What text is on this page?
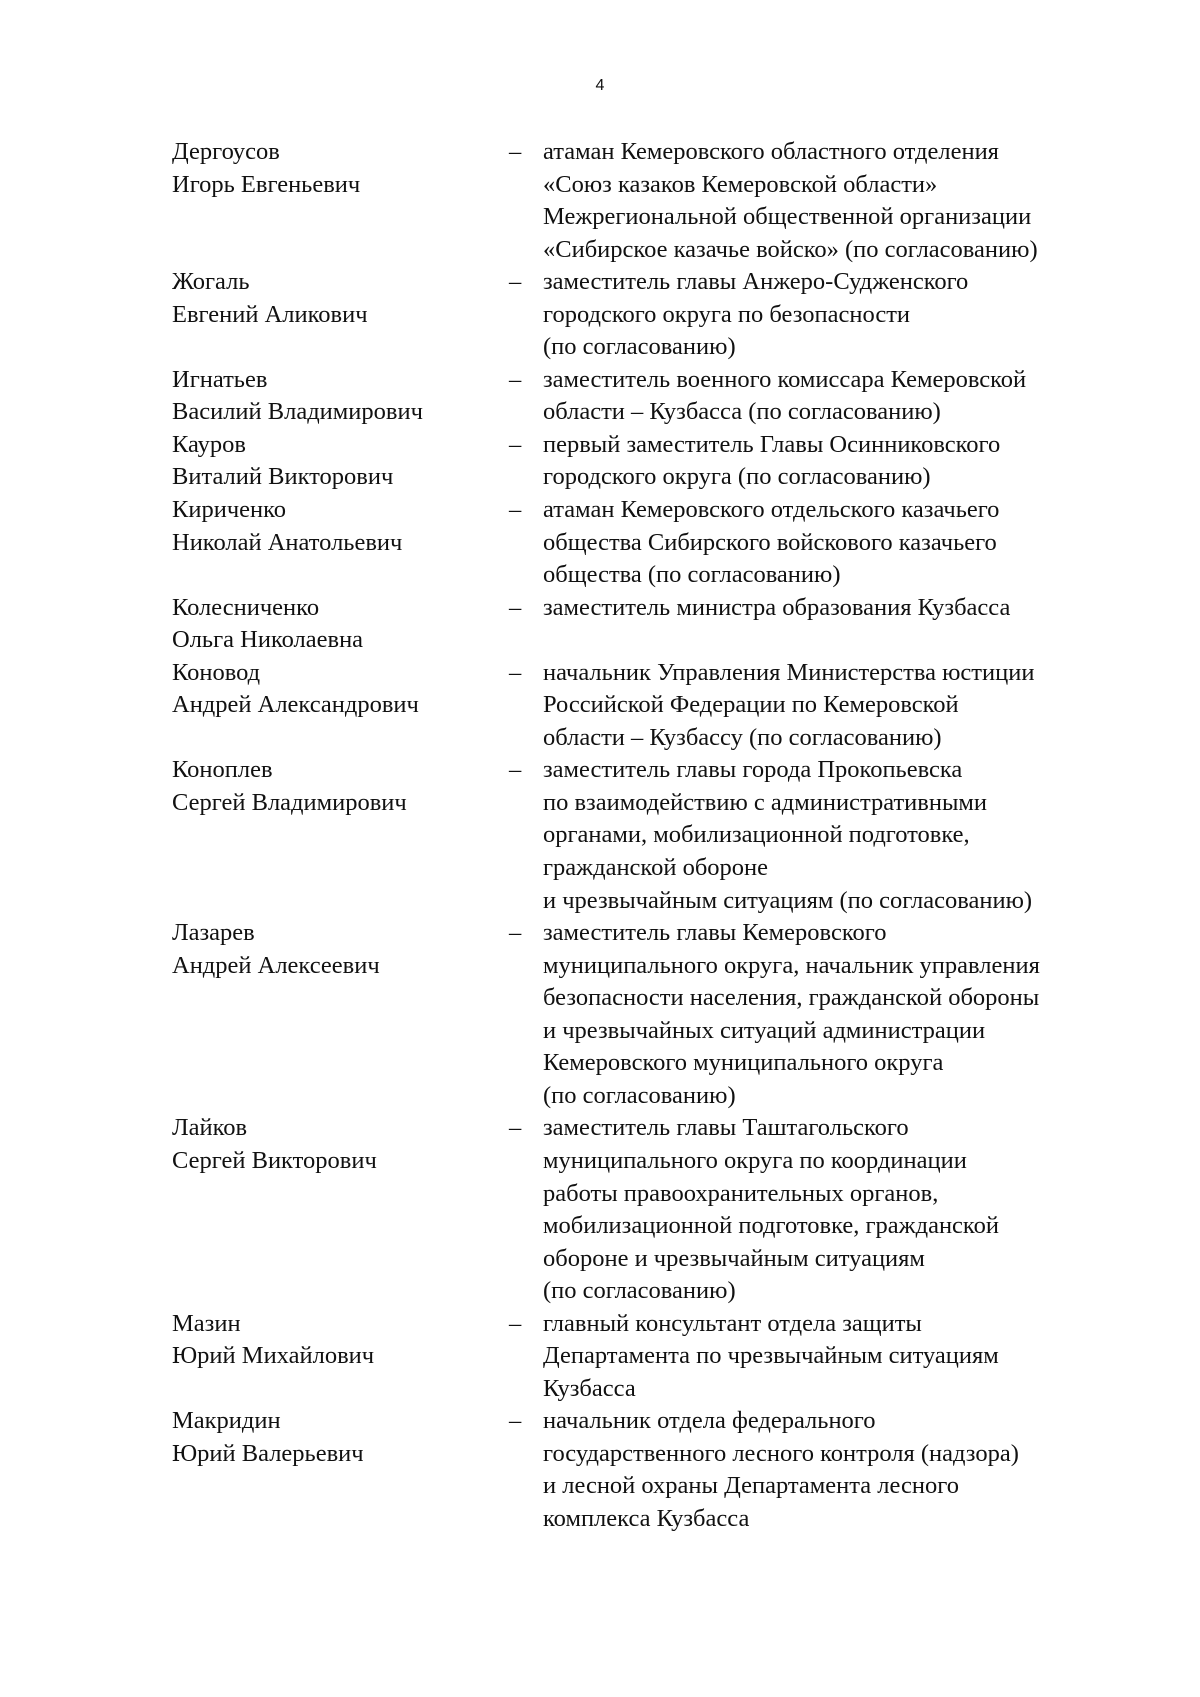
4
Дергоусов
Игорь Евгеньевич
– атаман Кемеровского областного отделения
«Союз казаков Кемеровской области»
Межрегиональной общественной организации
«Сибирское казачье войско» (по согласованию)
Жогаль
Евгений Аликович
– заместитель главы Анжеро-Судженского
городского округа по безопасности
(по согласованию)
Игнатьев
Василий Владимирович
– заместитель военного комиссара Кемеровской
области – Кузбасса (по согласованию)
Кауров
Виталий Викторович
– первый заместитель Главы Осинниковского
городского округа (по согласованию)
Кириченко
Николай Анатольевич
– атаман Кемеровского отдельского казачьего
общества Сибирского войскового казачьего
общества (по согласованию)
Колесниченко
Ольга Николаевна
– заместитель министра образования Кузбасса
Коновод
Андрей Александрович
– начальник Управления Министерства юстиции
Российской Федерации по Кемеровской
области – Кузбассу (по согласованию)
Коноплев
Сергей Владимирович
– заместитель главы города Прокопьевска
по взаимодействию с административными
органами, мобилизационной подготовке,
гражданской обороне
и чрезвычайным ситуациям (по согласованию)
Лазарев
Андрей Алексеевич
– заместитель главы Кемеровского
муниципального округа, начальник управления
безопасности населения, гражданской обороны
и чрезвычайных ситуаций администрации
Кемеровского муниципального округа
(по согласованию)
Лайков
Сергей Викторович
– заместитель главы Таштагольского
муниципального округа по координации
работы правоохранительных органов,
мобилизационной подготовке, гражданской
обороне и чрезвычайным ситуациям
(по согласованию)
Мазин
Юрий Михайлович
– главный консультант отдела защиты
Департамента по чрезвычайным ситуациям
Кузбасса
Макридин
Юрий Валерьевич
– начальник отдела федерального
государственного лесного контроля (надзора)
и лесной охраны Департамента лесного
комплекса Кузбасса
